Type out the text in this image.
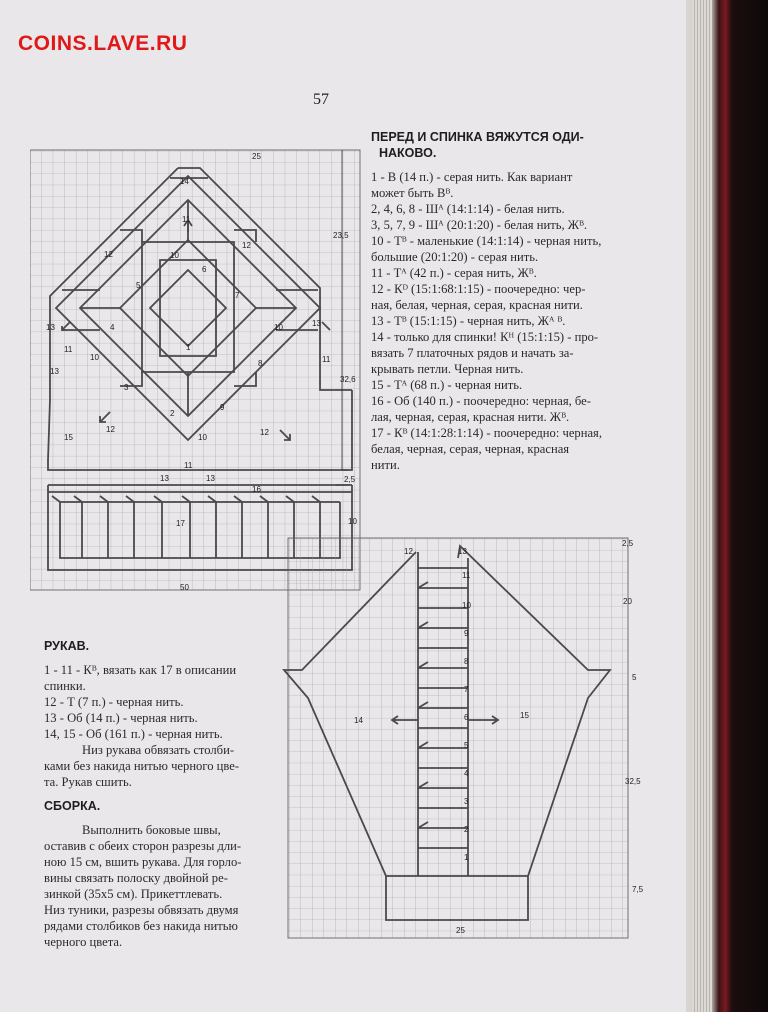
COINS.LAVE.RU
57

ПЕРЕД И СПИНКА ВЯЖУТСЯ ОДИ-

НАКОВО.

1 - В (14 п.) - серая нить. Как вариант

может быть Вᴮ.

2, 4, 6, 8 - Шᴬ (14:1:14) - белая нить.

3, 5, 7, 9 - Шᴬ (20:1:20) - белая нить, Жᴮ.

10 - Тᴮ - маленькие (14:1:14) - черная нить,

большие (20:1:20) - серая нить.

11 - Тᴬ (42 п.) - серая нить, Жᴮ.

12 - Кᴰ (15:1:68:1:15) - поочередно: чер-

ная, белая, черная, серая, красная нити.

13 - Тᴮ (15:1:15) - черная нить, Жᴬ ᴮ.

14 - только для спинки! Кᴴ (15:1:15) - про-

вязать 7 платочных рядов и начать за-

крывать петли. Черная нить.

15 - Тᴬ (68 п.) - черная нить.

16 - Об (140 п.) - поочередно: черная, бе-

лая, черная, серая, красная нити. Жᴮ.

17 - Кᴮ (14:1:28:1:14) - поочередно: черная,

белая, черная, серая, черная, красная

нити.

РУКАВ.

1 - 11 - Кᴮ, вязать как 17 в описании

спинки.

12 - Т (7 п.) - черная нить.

13 - Об (14 п.) - черная нить.

14, 15 - Об (161 п.) - черная нить.

Низ рукава обвязать столби-

ками без накида нитью черного цве-

та. Рукав сшить.

СБОРКА.

Выполнить боковые швы,

оставив с обеих сторон разрезы дли-

ною 15 см, вшить рукава. Для горло-

вины связать полоску двойной ре-

зинкой (35х5 см). Прикеттлевать.

Низ туники, разрезы обвязать двумя

рядами столбиков без накида нитью

черного цвета.

25
23,5
32,6
2,5
10
50
14
11
12	10
6
12
5
7
13	4
1
10	13
11
10
8
13
11
3
2
9
12
10
12
15
11
13	13
16
17
12	13
2,5
20
5
32,5
7,5
25
14
15
11
10
9
8
7
6
5
4
3
2
1
